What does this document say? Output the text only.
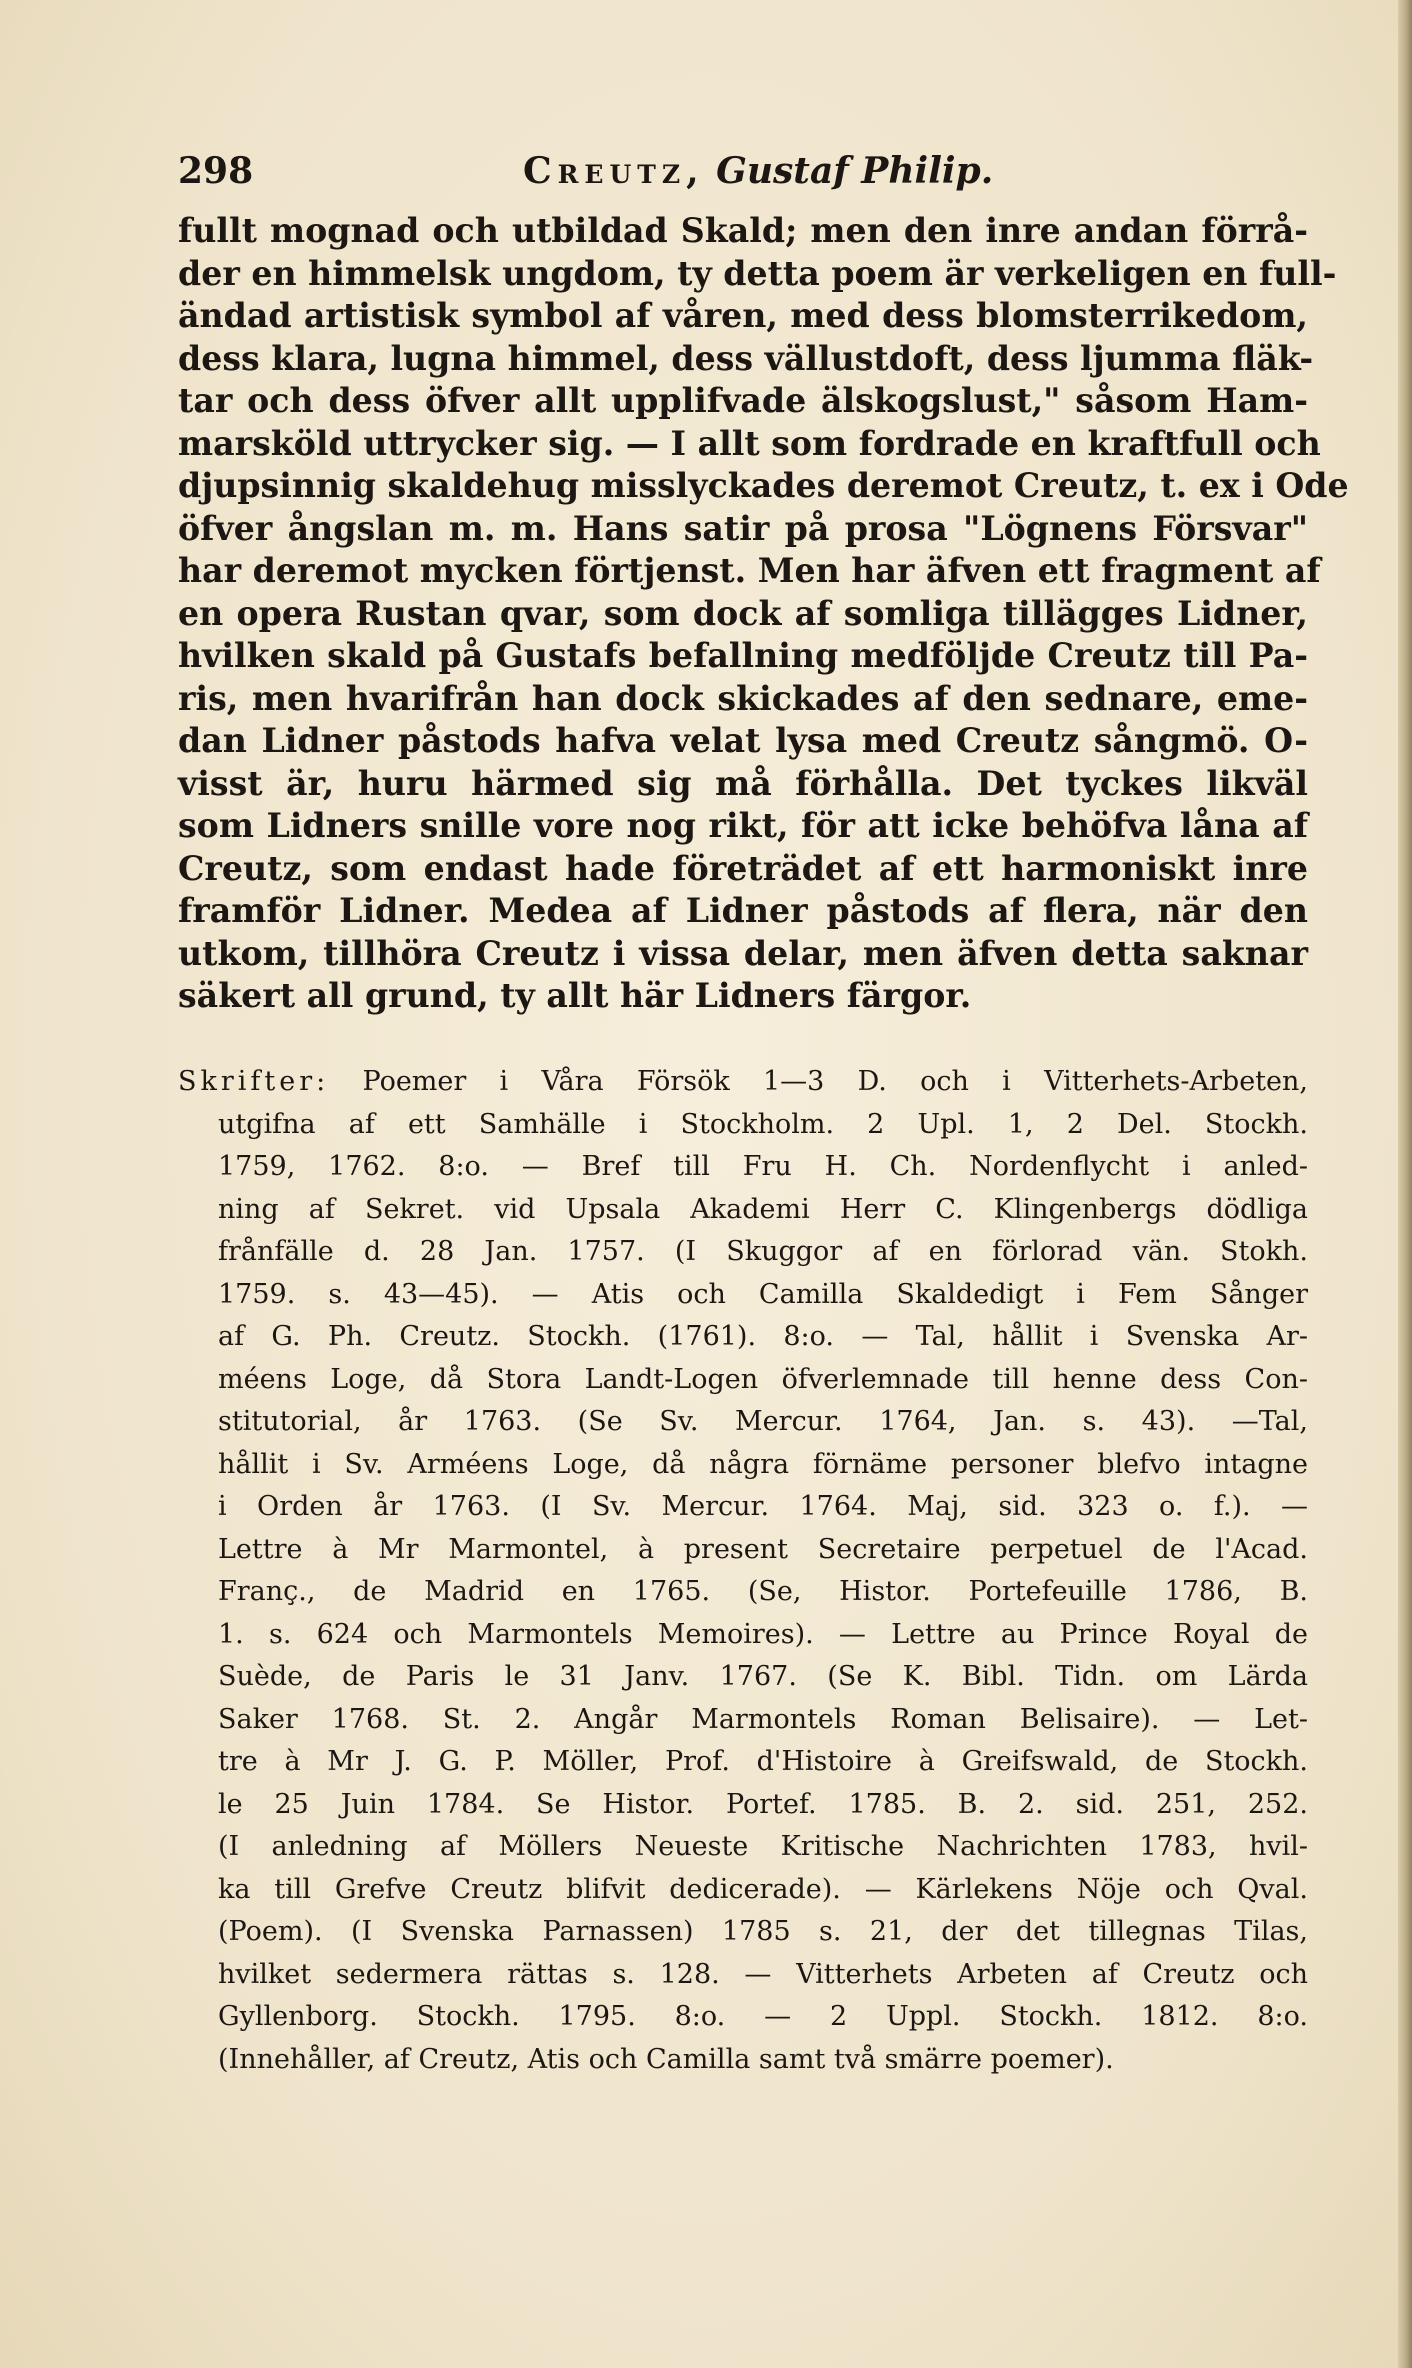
298	Creutz, Gustaf Philip.
fullt mognad och utbildad Skald; men den inre andan förrå-
der en himmelsk ungdom, ty detta poem är verkeligen en full-
ändad artistisk symbol af våren, med dess blomsterrikedom,
dess klara, lugna himmel, dess vällustdoft, dess ljumma fläk-
tar och dess öfver allt upplifvade älskogslust," såsom Ham-
marsköld uttrycker sig. — I allt som fordrade en kraftfull och
djupsinnig skaldehug misslyckades deremot Creutz, t. ex i Ode
öfver ångslan m. m. Hans satir på prosa "Lögnens Försvar"
har deremot mycken förtjenst. Men har äfven ett fragment af
en opera Rustan qvar, som dock af somliga tillägges Lidner,
hvilken skald på Gustafs befallning medföljde Creutz till Pa-
ris, men hvarifrån han dock skickades af den sednare, eme-
dan Lidner påstods hafva velat lysa med Creutz sångmö. O-
visst är, huru härmed sig må förhålla. Det tyckes likväl
som Lidners snille vore nog rikt, för att icke behöfva låna af
Creutz, som endast hade företrädet af ett harmoniskt inre
framför Lidner. Medea af Lidner påstods af flera, när den
utkom, tillhöra Creutz i vissa delar, men äfven detta saknar
säkert all grund, ty allt här Lidners färgor.
Skrifter: Poemer i Våra Försök 1—3 D. och i Vitterhets-Arbeten,
utgifna af ett Samhälle i Stockholm. 2 Upl. 1, 2 Del. Stockh.
1759, 1762. 8:o. — Bref till Fru H. Ch. Nordenflycht i anled-
ning af Sekret. vid Upsala Akademi Herr C. Klingenbergs dödliga
frånfälle d. 28 Jan. 1757. (I Skuggor af en förlorad vän. Stokh.
1759. s. 43—45). — Atis och Camilla Skaldedigt i Fem Sånger
af G. Ph. Creutz. Stockh. (1761). 8:o. — Tal, hållit i Svenska Ar-
méens Loge, då Stora Landt-Logen öfverlemnade till henne dess Con-
stitutorial, år 1763. (Se Sv. Mercur. 1764, Jan. s. 43). —Tal,
hållit i Sv. Arméens Loge, då några förnäme personer blefvo intagne
i Orden år 1763. (I Sv. Mercur. 1764. Maj, sid. 323 o. f.). —
Lettre à Mr Marmontel, à present Secretaire perpetuel de l'Acad.
Franç., de Madrid en 1765. (Se, Histor. Portefeuille 1786, B.
1. s. 624 och Marmontels Memoires). — Lettre au Prince Royal de
Suède, de Paris le 31 Janv. 1767. (Se K. Bibl. Tidn. om Lärda
Saker 1768. St. 2. Angår Marmontels Roman Belisaire). — Let-
tre à Mr J. G. P. Möller, Prof. d'Histoire à Greifswald, de Stockh.
le 25 Juin 1784. Se Histor. Portef. 1785. B. 2. sid. 251, 252.
(I anledning af Möllers Neueste Kritische Nachrichten 1783, hvil-
ka till Grefve Creutz blifvit dedicerade). — Kärlekens Nöje och Qval.
(Poem). (I Svenska Parnassen) 1785 s. 21, der det tillegnas Tilas,
hvilket sedermera rättas s. 128. — Vitterhets Arbeten af Creutz och
Gyllenborg. Stockh. 1795. 8:o. — 2 Uppl. Stockh. 1812. 8:o.
(Innehåller, af Creutz, Atis och Camilla samt två smärre poemer).
